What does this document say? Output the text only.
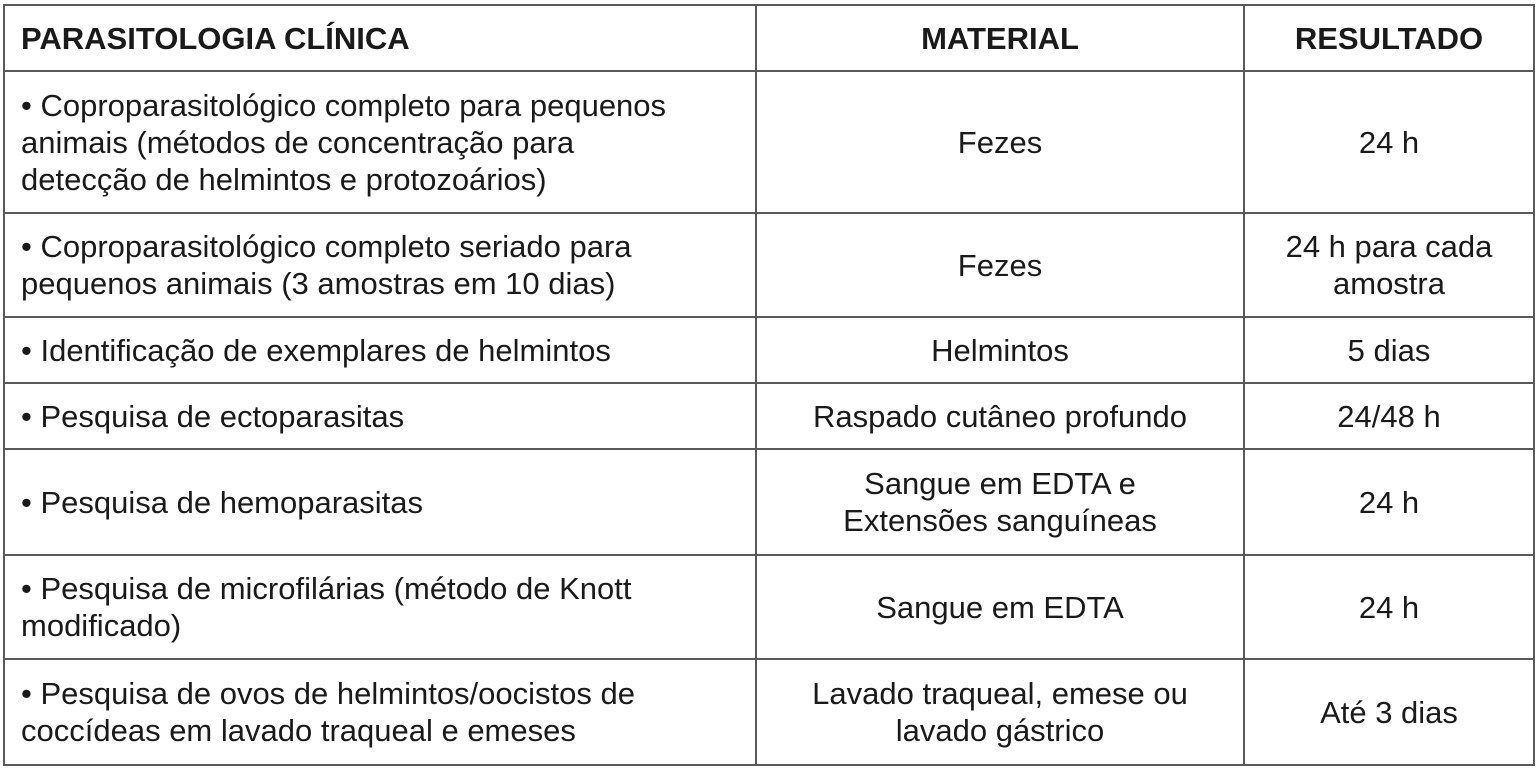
PARASITOLOGIA CLÍNICA	MATERIAL	RESULTADO
• Coproparasitológico completo para pequenos
animais (métodos de concentração para
detecção de helmintos e protozoários)	Fezes	24 h
• Coproparasitológico completo seriado para
pequenos animais (3 amostras em 10 dias)	Fezes	24 h para cada
amostra
• Identificação de exemplares de helmintos	Helmintos	5 dias
• Pesquisa de ectoparasitas	Raspado cutâneo profundo	24/48 h
• Pesquisa de hemoparasitas	Sangue em EDTA e
Extensões sanguíneas	24 h
• Pesquisa de microfilárias (método de Knott
modificado)	Sangue em EDTA	24 h
• Pesquisa de ovos de helmintos/oocistos de
coccídeas em lavado traqueal e emeses	Lavado traqueal, emese ou
lavado gástrico	Até 3 dias
